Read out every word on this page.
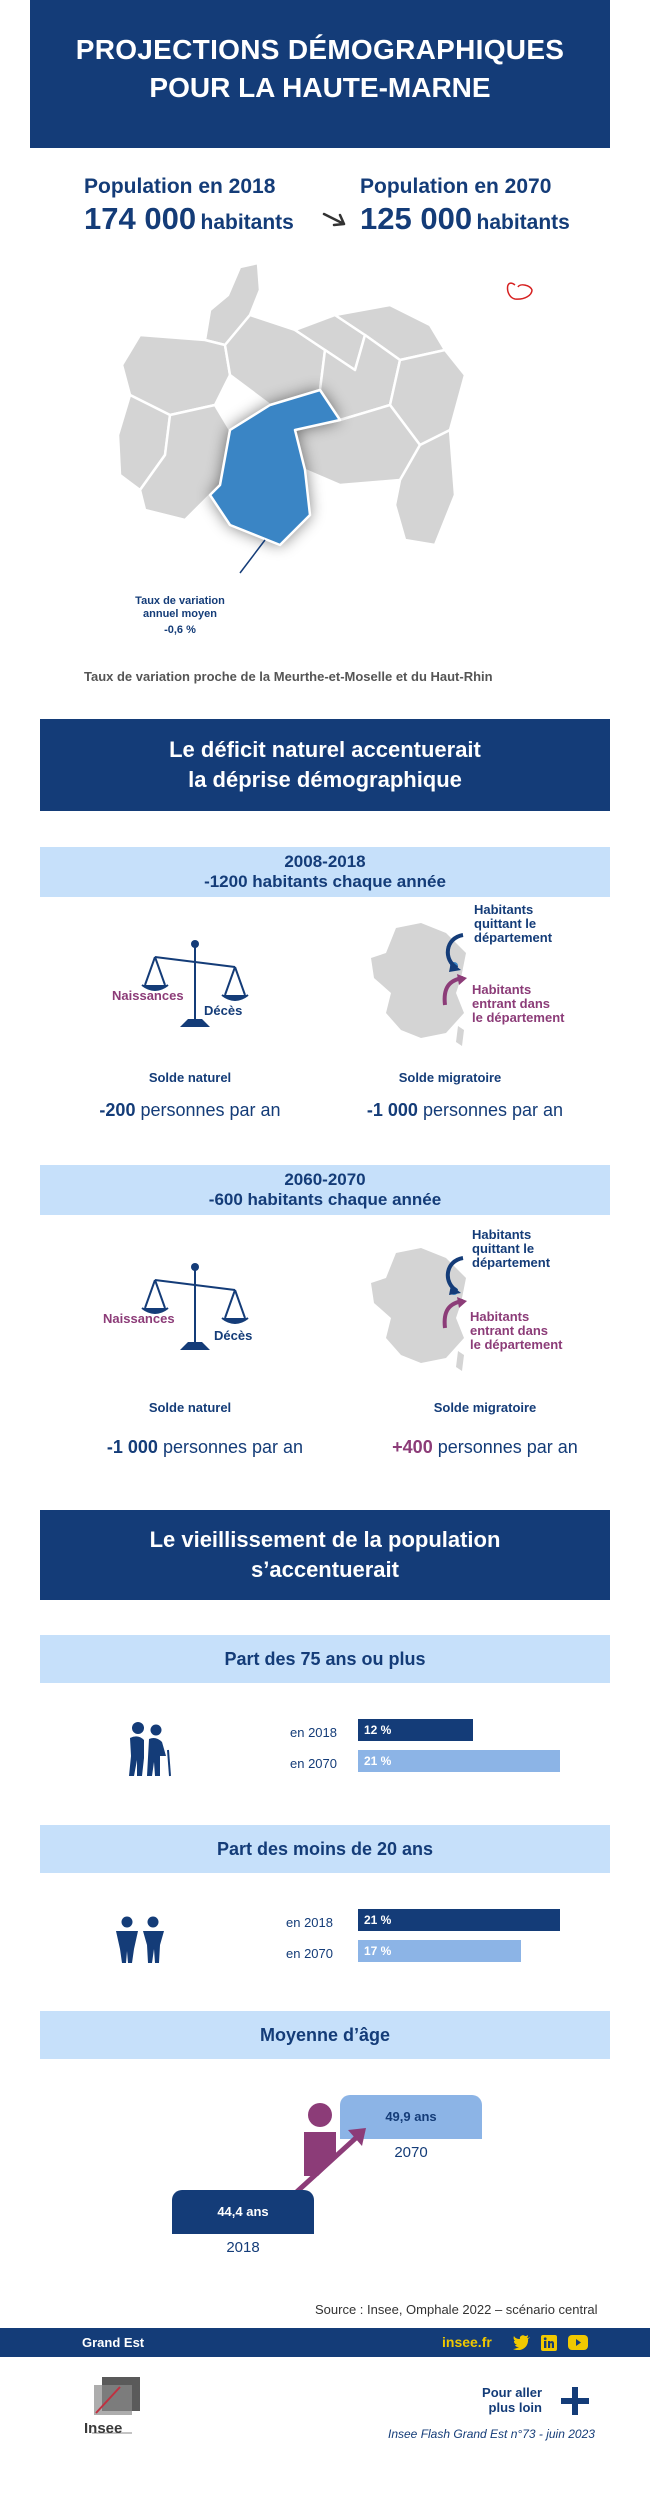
PROJECTIONS DÉMOGRAPHIQUES
POUR LA HAUTE-MARNE
Population en 2018
174 000 habitants
Population en 2070
125 000 habitants
Taux de variation
annuel moyen
-0,6 %
Taux de variation proche de la Meurthe-et-Moselle et du Haut-Rhin
Le déficit naturel accentuerait
la déprise démographique
2008-2018
-1200 habitants chaque année
Naissances
Décès
Habitants
quittant le
département
Habitants
entrant dans
le département
Solde naturel	Solde migratoire
-200 personnes par an	-1 000 personnes par an
2060-2070
-600 habitants chaque année
Naissances
Décès
Habitants
quittant le
département
Habitants
entrant dans
le département
Solde naturel	Solde migratoire
-1 000 personnes par an	+400 personnes par an
Le vieillissement de la population
s’accentuerait
Part des 75 ans ou plus
en 2018
en 2070
12 %
21 %
Part des moins de 20 ans
en 2018
en 2070
21 %
17 %
Moyenne d’âge
49,9 ans
2070
44,4 ans
2018
Source : Insee, Omphale 2022 – scénario central
Grand Est	insee.fr
Insee
Pour aller
plus loin
Insee Flash Grand Est n°73 - juin 2023
